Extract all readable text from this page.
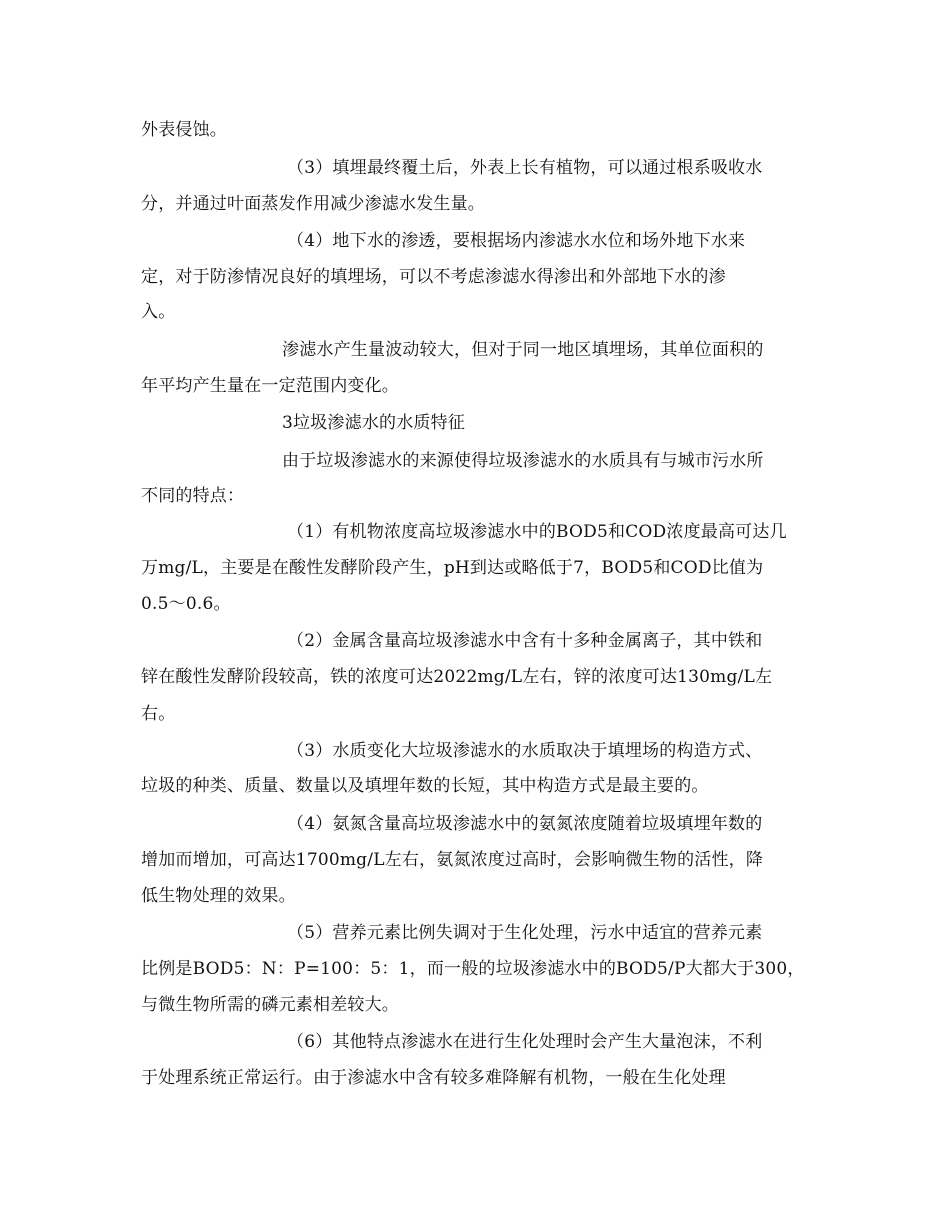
外表侵蚀。
（3）填埋最终覆土后，外表上长有植物，可以通过根系吸收水
分，并通过叶面蒸发作用减少渗滤水发生量。
（4）地下水的渗透，要根据场内渗滤水水位和场外地下水来
定，对于防渗情况良好的填埋场，可以不考虑渗滤水得渗出和外部地下水的渗
入。
渗滤水产生量波动较大，但对于同一地区填埋场，其单位面积的
年平均产生量在一定范围内变化。
3垃圾渗滤水的水质特征
由于垃圾渗滤水的来源使得垃圾渗滤水的水质具有与城市污水所
不同的特点：
（1）有机物浓度高垃圾渗滤水中的BOD5和COD浓度最高可达几
万mg/L，主要是在酸性发酵阶段产生，pH到达或略低于7，BOD5和COD比值为
0.5～0.6。
（2）金属含量高垃圾渗滤水中含有十多种金属离子，其中铁和
锌在酸性发酵阶段较高，铁的浓度可达2022mg/L左右，锌的浓度可达130mg/L左
右。
（3）水质变化大垃圾渗滤水的水质取决于填埋场的构造方式、
垃圾的种类、质量、数量以及填埋年数的长短，其中构造方式是最主要的。
（4）氨氮含量高垃圾渗滤水中的氨氮浓度随着垃圾填埋年数的
增加而增加，可高达1700mg/L左右，氨氮浓度过高时，会影响微生物的活性，降
低生物处理的效果。
（5）营养元素比例失调对于生化处理，污水中适宜的营养元素
比例是BOD5：N：P=100：5：1，而一般的垃圾渗滤水中的BOD5/P大都大于300，
与微生物所需的磷元素相差较大。
（6）其他特点渗滤水在进行生化处理时会产生大量泡沫，不利
于处理系统正常运行。由于渗滤水中含有较多难降解有机物，一般在生化处理
